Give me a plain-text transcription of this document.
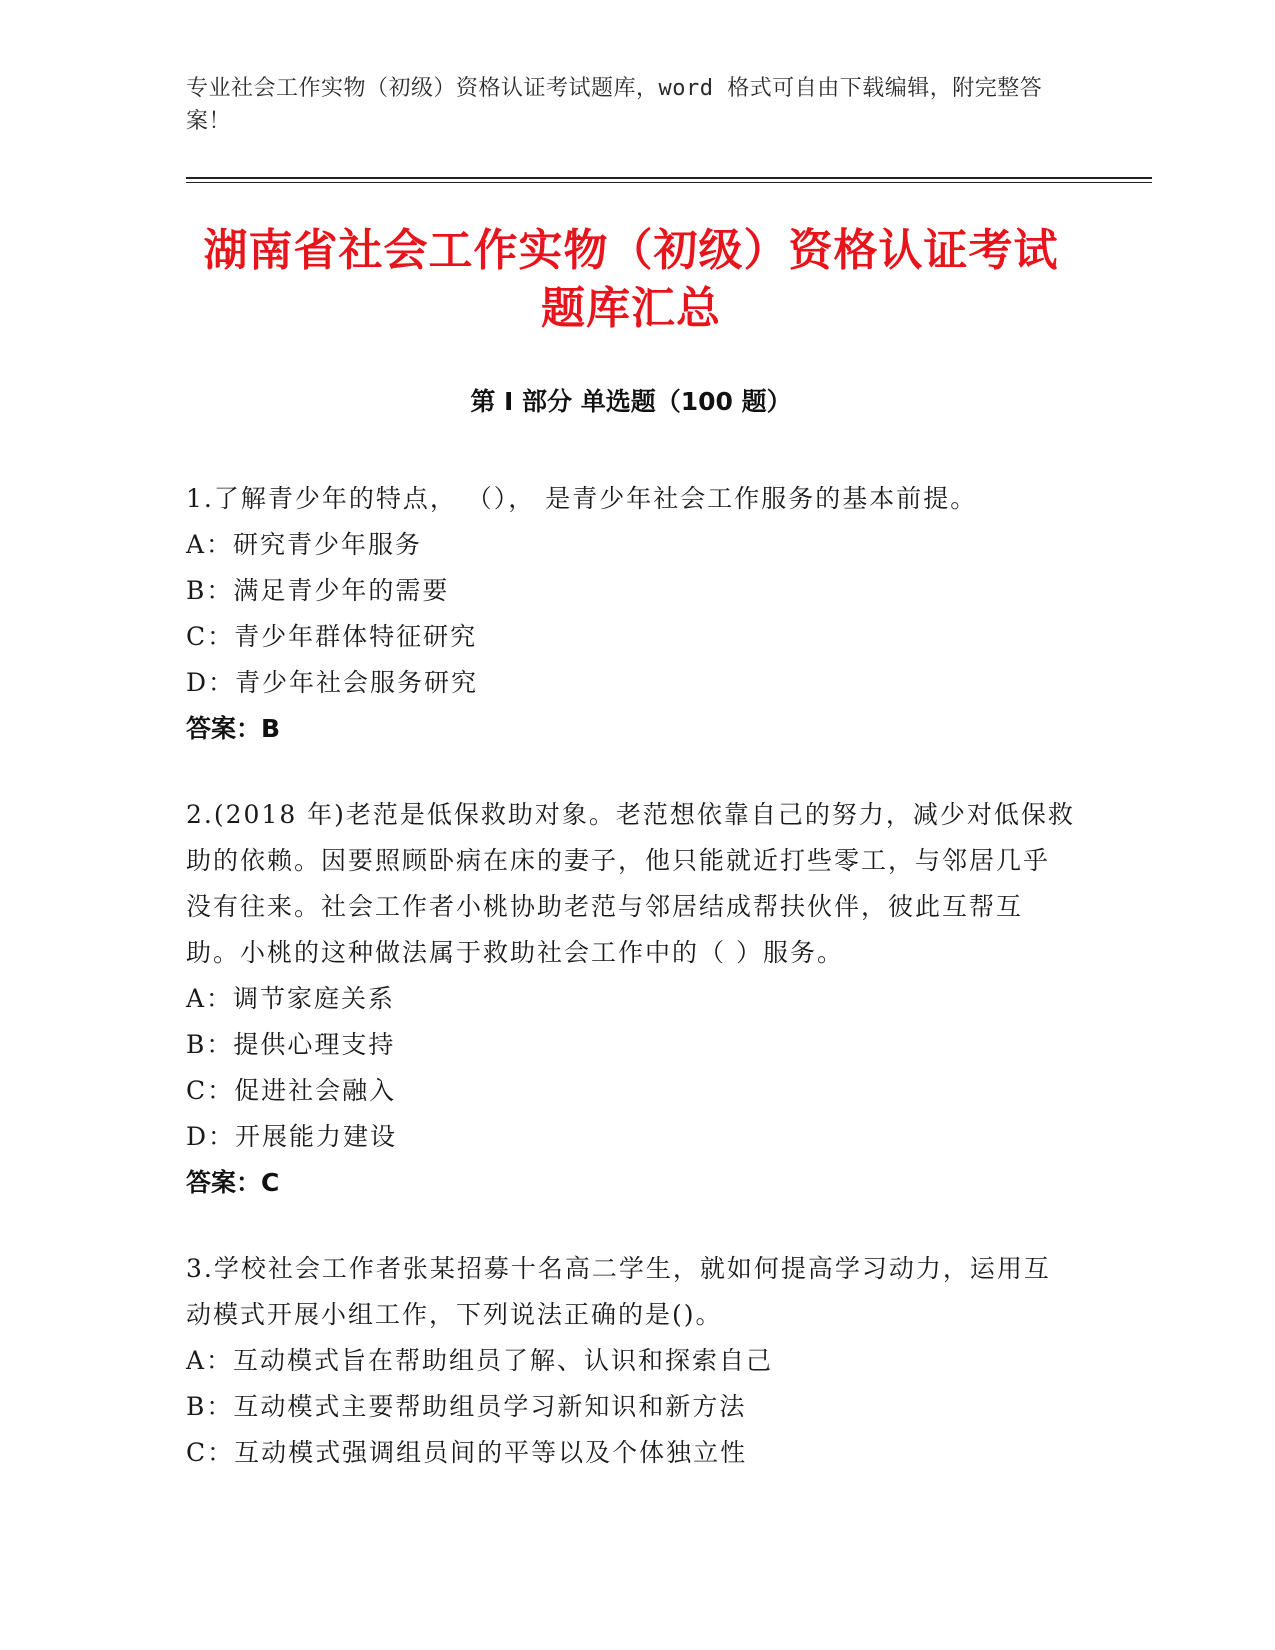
专业社会工作实物（初级）资格认证考试题库，word 格式可自由下载编辑，附完整答案！
湖南省社会工作实物（初级）资格认证考试题库汇总
第 I 部分 单选题（100 题）
1.了解青少年的特点， （）， 是青少年社会工作服务的基本前提。
A：研究青少年服务
B：满足青少年的需要
C：青少年群体特征研究
D：青少年社会服务研究
答案：B
2.(2018 年)老范是低保救助对象。老范想依靠自己的努力，减少对低保救助的依赖。因要照顾卧病在床的妻子，他只能就近打些零工，与邻居几乎没有往来。社会工作者小桃协助老范与邻居结成帮扶伙伴，彼此互帮互助。小桃的这种做法属于救助社会工作中的（ ）服务。
A：调节家庭关系
B：提供心理支持
C：促进社会融入
D：开展能力建设
答案：C
3.学校社会工作者张某招募十名高二学生，就如何提高学习动力，运用互动模式开展小组工作，下列说法正确的是()。
A：互动模式旨在帮助组员了解、认识和探索自己
B：互动模式主要帮助组员学习新知识和新方法
C：互动模式强调组员间的平等以及个体独立性
